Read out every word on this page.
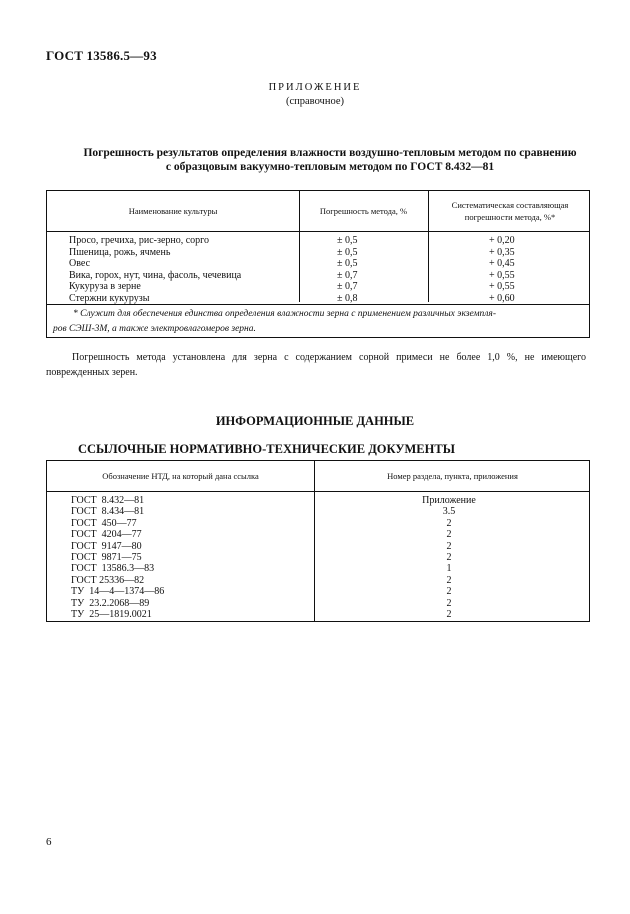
ГОСТ 13586.5—93
ПРИЛОЖЕНИЕ
(справочное)
Погрешность результатов определения влажности воздушно-тепловым методом по сравнению
с образцовым вакуумно-тепловым методом по ГОСТ 8.432—81
Наименование культуры	Погрешность метода, %
Систематическая составляющая погрешности метода, %*
Просо, гречиха, рис-зерно, сорго
Пшеница, рожь, ячмень
Овес
Вика, горох, нут, чина, фасоль, чечевица
Кукуруза в зерне
Стержни кукурузы
± 0,5
± 0,5
± 0,5
± 0,7
± 0,7
± 0,8
+ 0,20
+ 0,35
+ 0,45
+ 0,55
+ 0,55
+ 0,60
* Служит для обеспечения единства определения влажности зерна с применением различных экземпля-
ров СЭШ-3М, а также электровлагомеров зерна.
Погрешность метода установлена для зерна с содержанием сорной примеси не более 1,0 %, не имеющего поврежденных зерен.
ИНФОРМАЦИОННЫЕ ДАННЫЕ
ССЫЛОЧНЫЕ НОРМАТИВНО-ТЕХНИЧЕСКИЕ ДОКУМЕНТЫ
Обозначение НТД, на который дана ссылка	Номер раздела, пункта, приложения
ГОСТ  8.432—81
ГОСТ  8.434—81
ГОСТ  450—77
ГОСТ  4204—77
ГОСТ  9147—80
ГОСТ  9871—75
ГОСТ  13586.3—83
ГОСТ 25336—82
ТУ  14—4—1374—86
ТУ  23.2.2068—89
ТУ  25—1819.0021
Приложение
3.5
2
2
2
2
1
2
2
2
2
6
